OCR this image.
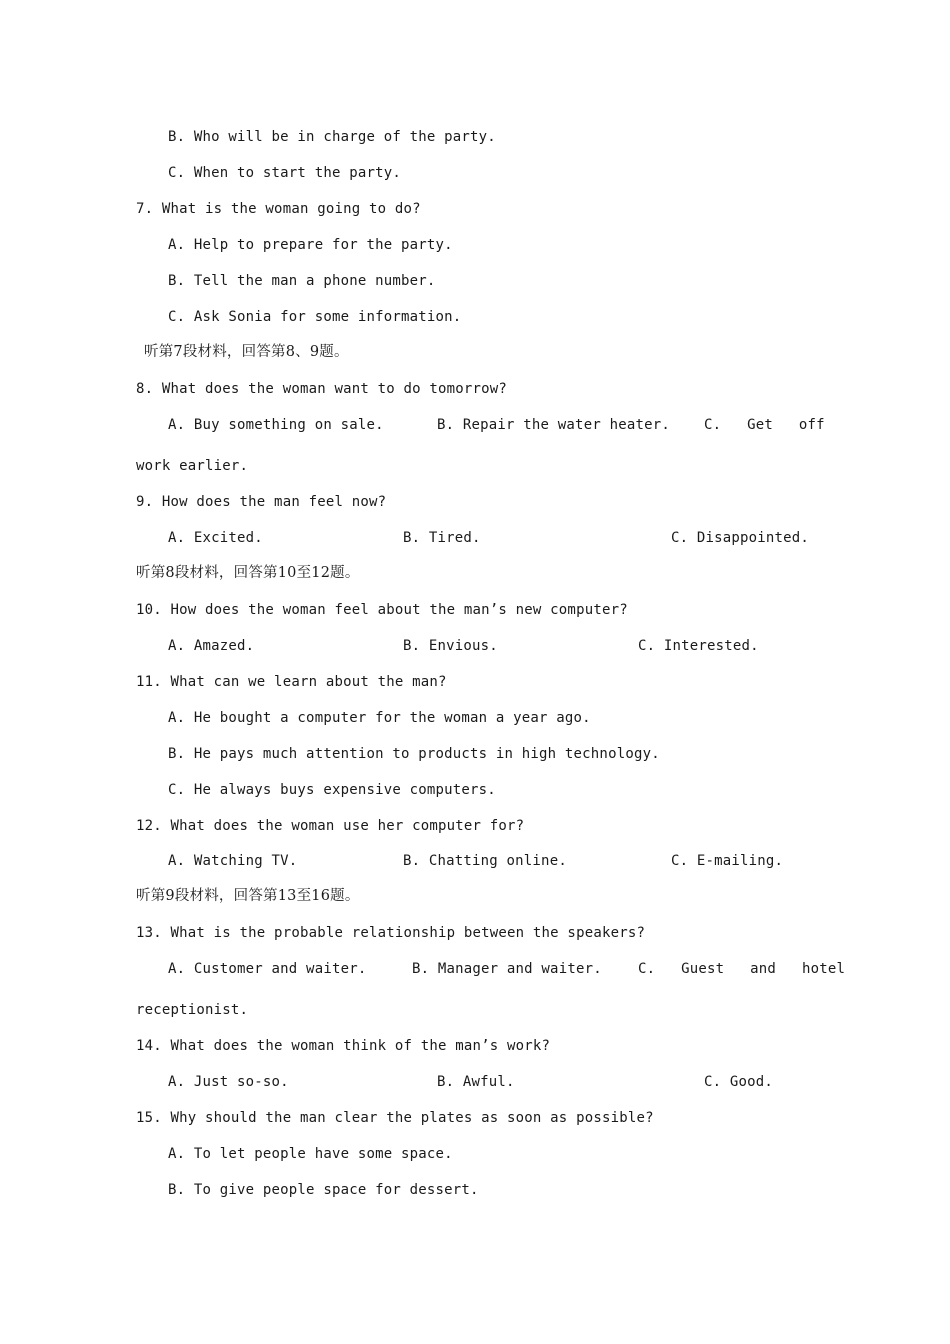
B. Who will be in charge of the party.
C. When to start the party.
7. What is the woman going to do?
A. Help to prepare for the party.
B. Tell the man a phone number.
C. Ask Sonia for some information.
听第7段材料，回答第8、9题。
8. What does the woman want to do tomorrow?
A. Buy something on sale.	B. Repair the water heater. C.   Get   off
work earlier.
9. How does the man feel now?
A. Excited.	B. Tired.	C. Disappointed.
听第8段材料，回答第10至12题。
10. How does the woman feel about the man’s new computer?
A. Amazed.	B. Envious.	C. Interested.
11. What can we learn about the man?
A. He bought a computer for the woman a year ago.
B. He pays much attention to products in high technology.
C. He always buys expensive computers.
12. What does the woman use her computer for?
A. Watching TV.	B. Chatting online.	C. E-mailing.
听第9段材料，回答第13至16题。
13. What is the probable relationship between the speakers?
A. Customer and waiter.	B. Manager and waiter.	C.   Guest   and   hotel
receptionist.
14. What does the woman think of the man’s work?
A. Just so-so.	B. Awful.	C. Good.
15. Why should the man clear the plates as soon as possible?
A. To let people have some space.
B. To give people space for dessert.
